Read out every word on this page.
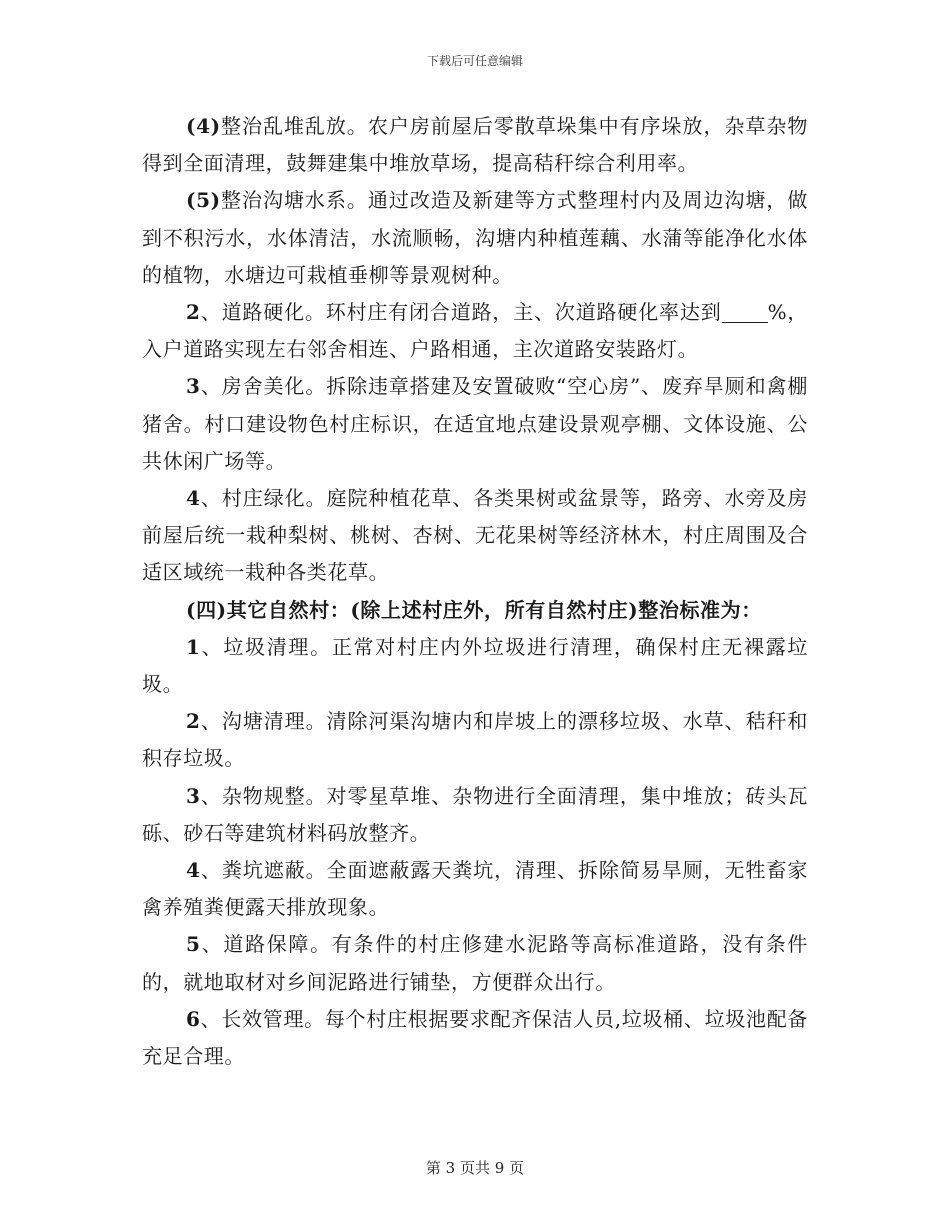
下载后可任意编辑

(4)整治乱堆乱放。农户房前屋后零散草垛集中有序垛放，杂草杂物得到全面清理，鼓舞建集中堆放草场，提高秸秆综合利用率。

(5)整治沟塘水系。通过改造及新建等方式整理村内及周边沟塘，做到不积污水，水体清洁，水流顺畅，沟塘内种植莲藕、水蒲等能净化水体的植物，水塘边可栽植垂柳等景观树种。

2、道路硬化。环村庄有闭合道路，主、次道路硬化率达到 %，入户道路实现左右邻舍相连、户路相通，主次道路安装路灯。

3、房舍美化。拆除违章搭建及安置破败“空心房”、废弃旱厕和禽棚猪舍。村口建设物色村庄标识，在适宜地点建设景观亭棚、文体设施、公共休闲广场等。

4、村庄绿化。庭院种植花草、各类果树或盆景等，路旁、水旁及房前屋后统一栽种梨树、桃树、杏树、无花果树等经济林木，村庄周围及合适区域统一栽种各类花草。

(四)其它自然村：(除上述村庄外，所有自然村庄)整治标准为：

1、垃圾清理。正常对村庄内外垃圾进行清理，确保村庄无裸露垃圾。

2、沟塘清理。清除河渠沟塘内和岸坡上的漂移垃圾、水草、秸秆和积存垃圾。

3、杂物规整。对零星草堆、杂物进行全面清理，集中堆放；砖头瓦砾、砂石等建筑材料码放整齐。

4、粪坑遮蔽。全面遮蔽露天粪坑，清理、拆除简易旱厕，无牲畜家禽养殖粪便露天排放现象。

5、道路保障。有条件的村庄修建水泥路等高标准道路，没有条件的，就地取材对乡间泥路进行铺垫，方便群众出行。

6、长效管理。每个村庄根据要求配齐保洁人员,垃圾桶、垃圾池配备充足合理。

第 3 页共 9 页
